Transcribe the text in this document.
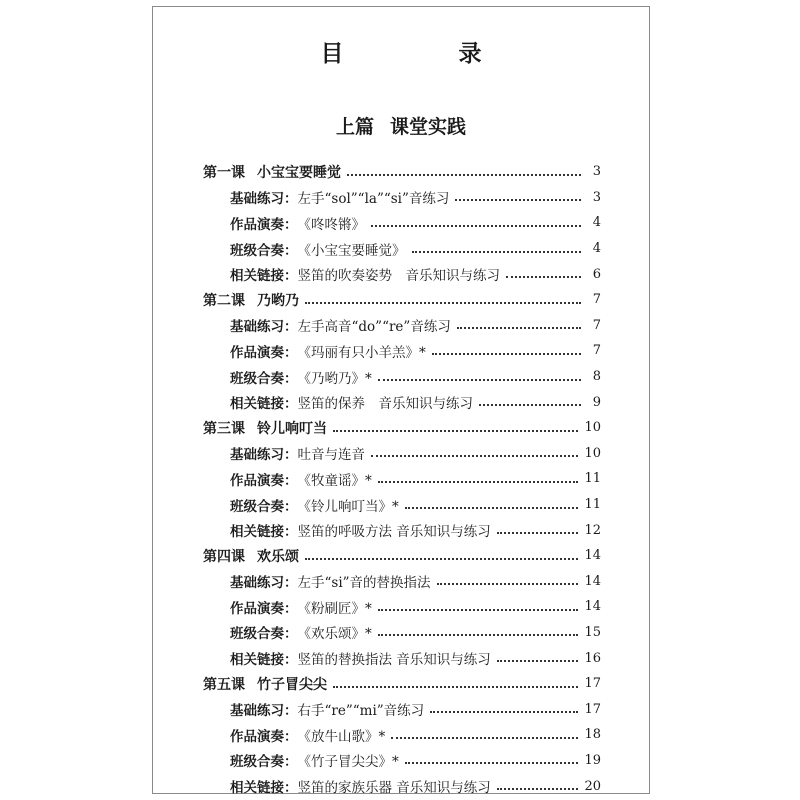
目　录
上篇 课堂实践
第一课 小宝宝要睡觉	3
基础练习： 左手“sol”“la”“si”音练习	3
作品演奏： 《咚咚锵》	4
班级合奏： 《小宝宝要睡觉》	4
相关链接： 竖笛的吹奏姿势　音乐知识与练习	6
第二课 乃哟乃	7
基础练习： 左手高音“do”“re”音练习	7
作品演奏： 《玛丽有只小羊羔》*	7
班级合奏： 《乃哟乃》*	8
相关链接： 竖笛的保养　音乐知识与练习	9
第三课 铃儿响叮当	10
基础练习： 吐音与连音	10
作品演奏： 《牧童谣》*	11
班级合奏： 《铃儿响叮当》*	11
相关链接： 竖笛的呼吸方法 音乐知识与练习	12
第四课 欢乐颂	14
基础练习： 左手“si”音的替换指法	14
作品演奏： 《粉刷匠》*	14
班级合奏： 《欢乐颂》*	15
相关链接： 竖笛的替换指法 音乐知识与练习	16
第五课 竹子冒尖尖	17
基础练习： 右手“re”“mi”音练习	17
作品演奏： 《放牛山歌》*	18
班级合奏： 《竹子冒尖尖》*	19
相关链接： 竖笛的家族乐器 音乐知识与练习	20
